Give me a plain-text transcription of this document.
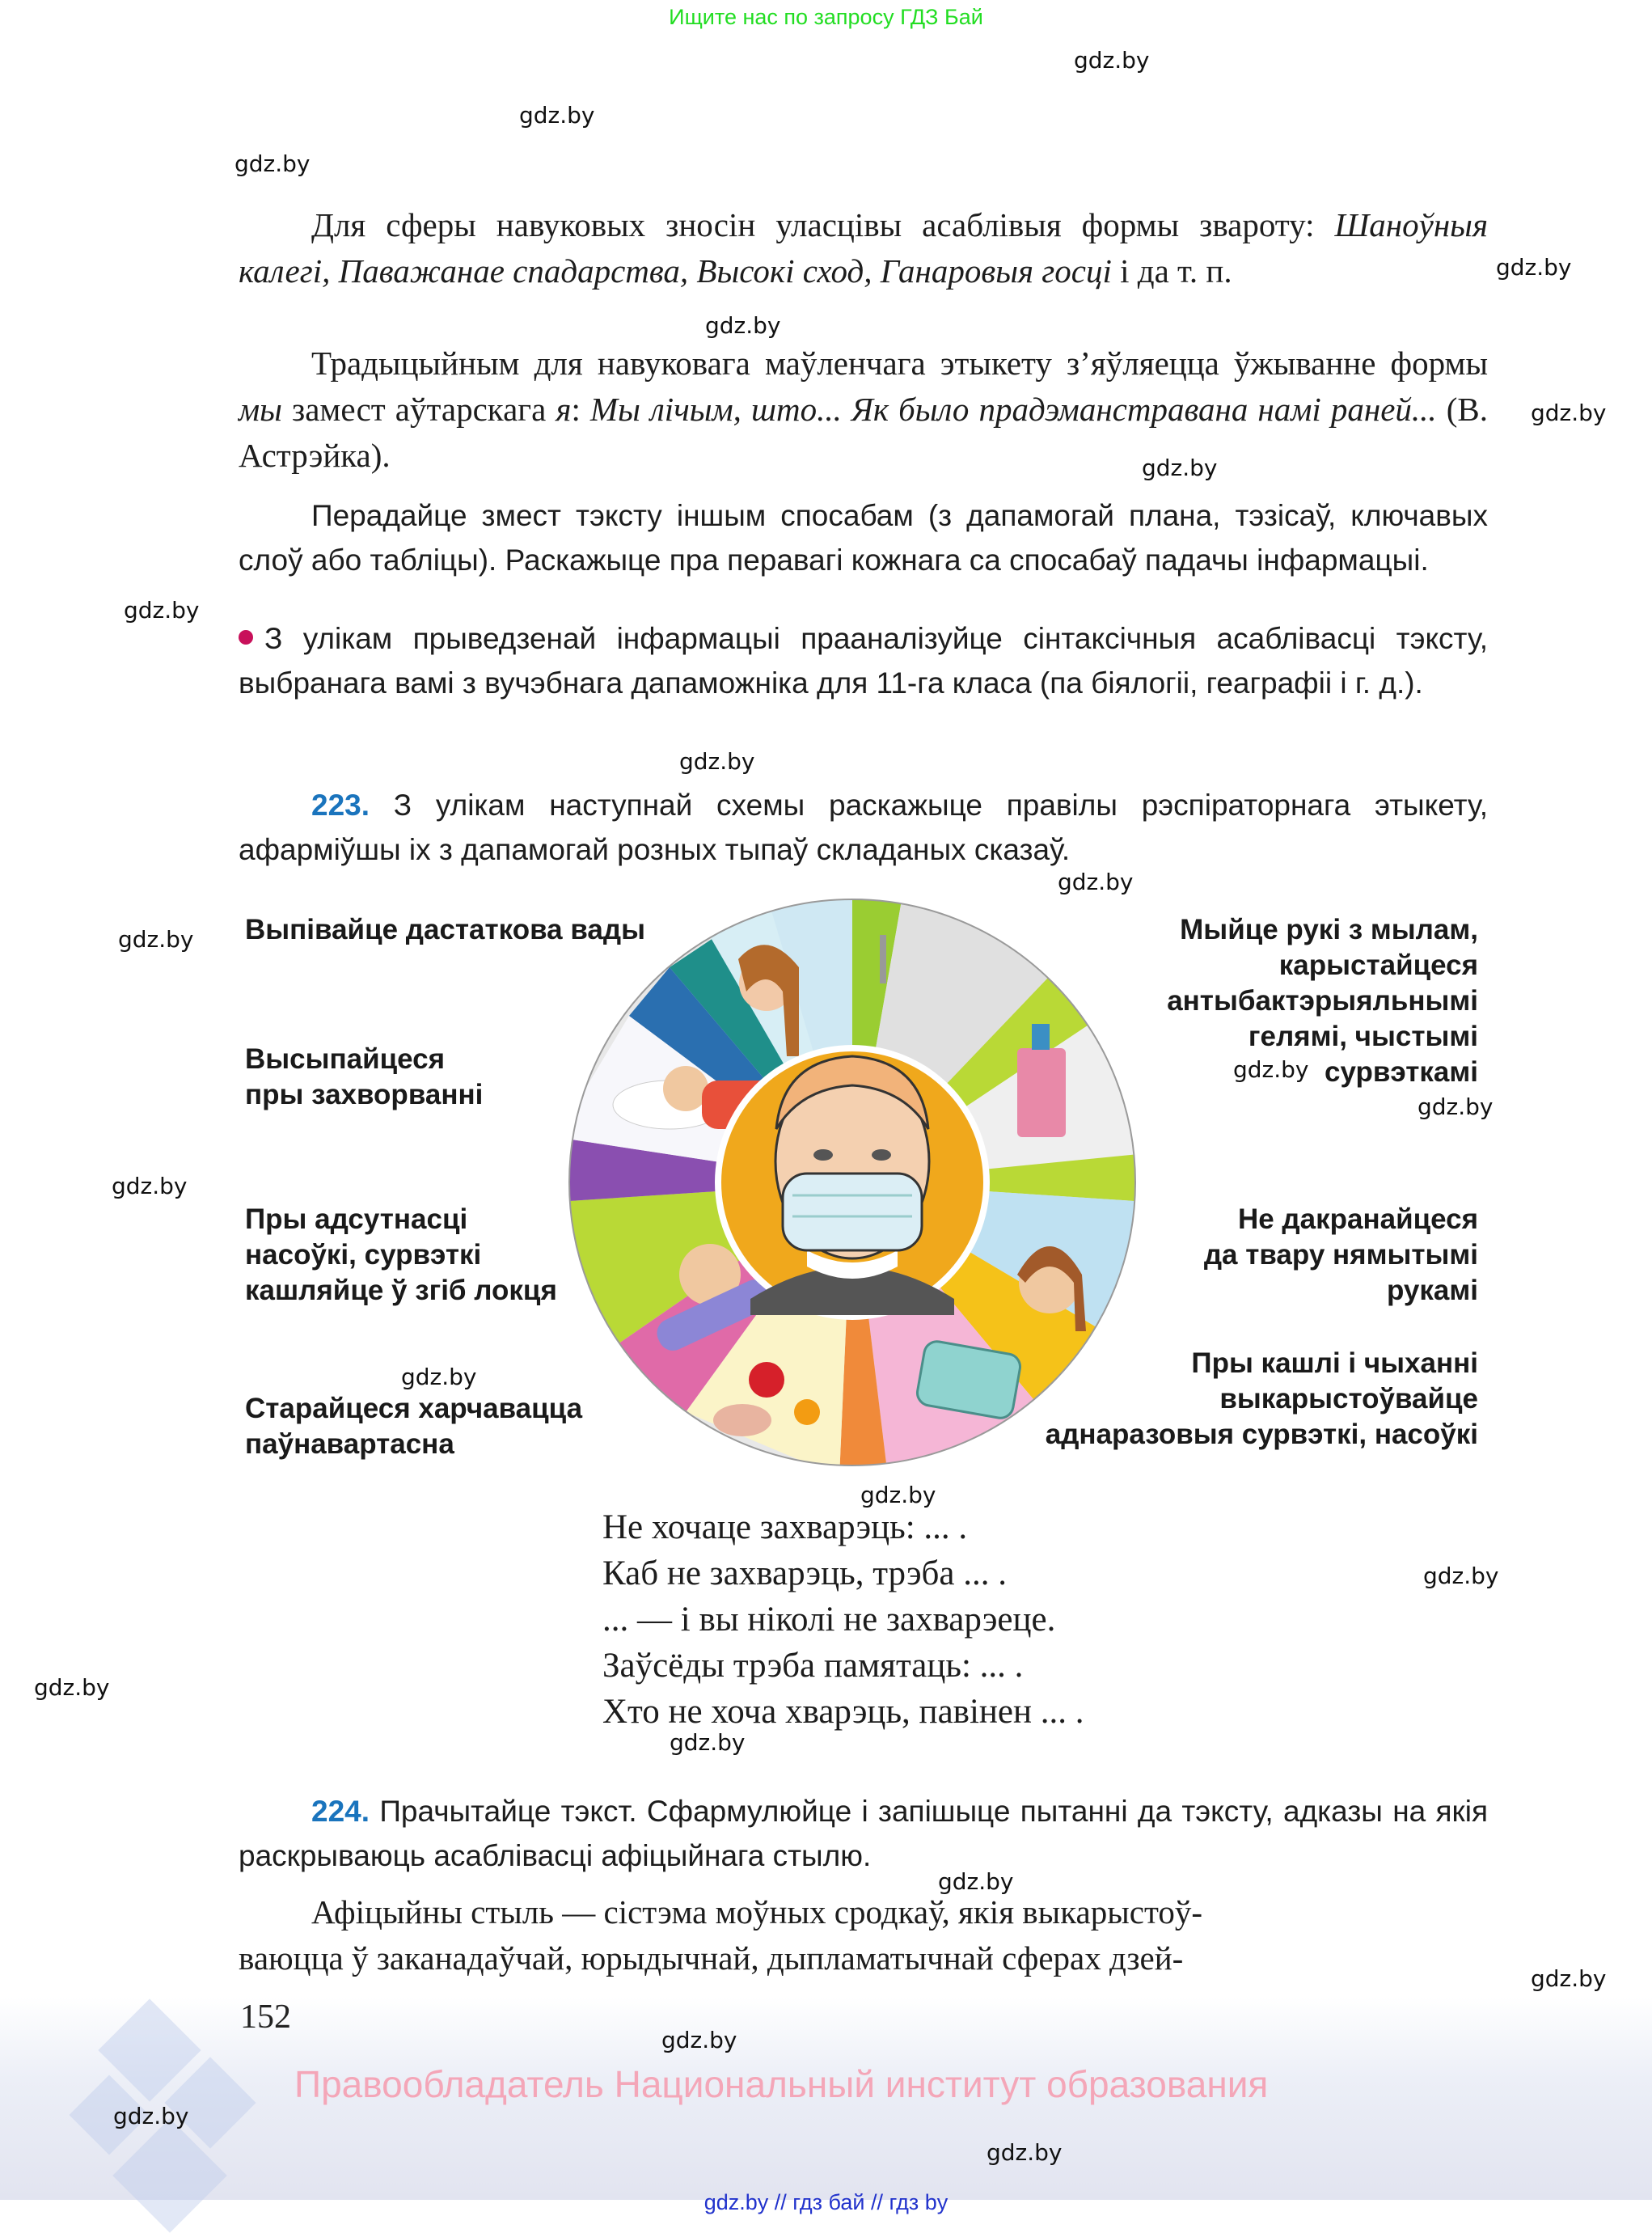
Ищите нас по запросу ГДЗ Бай
gdz.by
gdz.by
gdz.by
gdz.by
gdz.by
gdz.by
gdz.by
gdz.by
gdz.by
gdz.by
gdz.by
gdz.by
gdz.by
gdz.by
gdz.by
gdz.by
gdz.by
gdz.by
gdz.by
gdz.by
gdz.by
Для сферы навуковых зносін уласцівы асаблівыя формы звароту: Шаноўныя калегі, Паважанае спадарства, Высокі сход, Ганаровыя госці і да т. п.
Традыцыйным для навуковага маўленчага этыкету з’яўляецца ўжыванне формы мы замест аўтарскага я: Мы лічым, што... Як было прадэманстравана намі раней... (В. Астрэйка).
Перадайце змест тэксту іншым спосабам (з дапамогай плана, тэзісаў, ключавых слоў або табліцы). Раскажыце пра перавагі кожнага са спосабаў падачы інфармацыі.
З улікам прыведзенай інфармацыі прааналізуйце сінтаксічныя асаблівасці тэксту, выбранага вамі з вучэбнага дапаможніка для 11-га класа (па біялогіі, геаграфіі і г. д.).
223. З улікам наступнай схемы раскажыце правілы рэспіраторнага этыкету, афарміўшы іх з дапамогай розных тыпаў складаных сказаў.
Выпівайце дастаткова вады
Высыпайцеся
пры захворванні
Пры адсутнасці
насоўкі, сурвэткі
кашляйце ў згіб локця
Старайцеся харчавацца
паўнавартасна
Мыйце рукі з мылам,
карыстайцеся
антыбактэрыяльнымі
гелямі, чыстымі
сурвэткамі
Не дакранайцеся
да твару нямытымі
рукамі
Пры кашлі і чыханні
выкарыстоўвайце
аднаразовыя сурвэткі, насоўкі
Не хочаце захварэць: ... .
Каб не захварэць, трэба ... .
... — і вы ніколі не захварэеце.
Заўсёды трэба памятаць: ... .
Хто не хоча хварэць, павінен ... .
224. Прачытайце тэкст. Сфармулюйце і запішыце пытанні да тэксту, адказы на якія раскрываюць асаблівасці афіцыйнага стылю.
Афіцыйны стыль — сістэма моўных сродкаў, якія выкарыстоў-
ваюцца ў заканадаўчай, юрыдычнай, дыпламатычнай сферах дзей-
152
gdz.by
Правообладатель Национальный институт образования
gdz.by
gdz.by
gdz.by // гдз бай // гдз by
